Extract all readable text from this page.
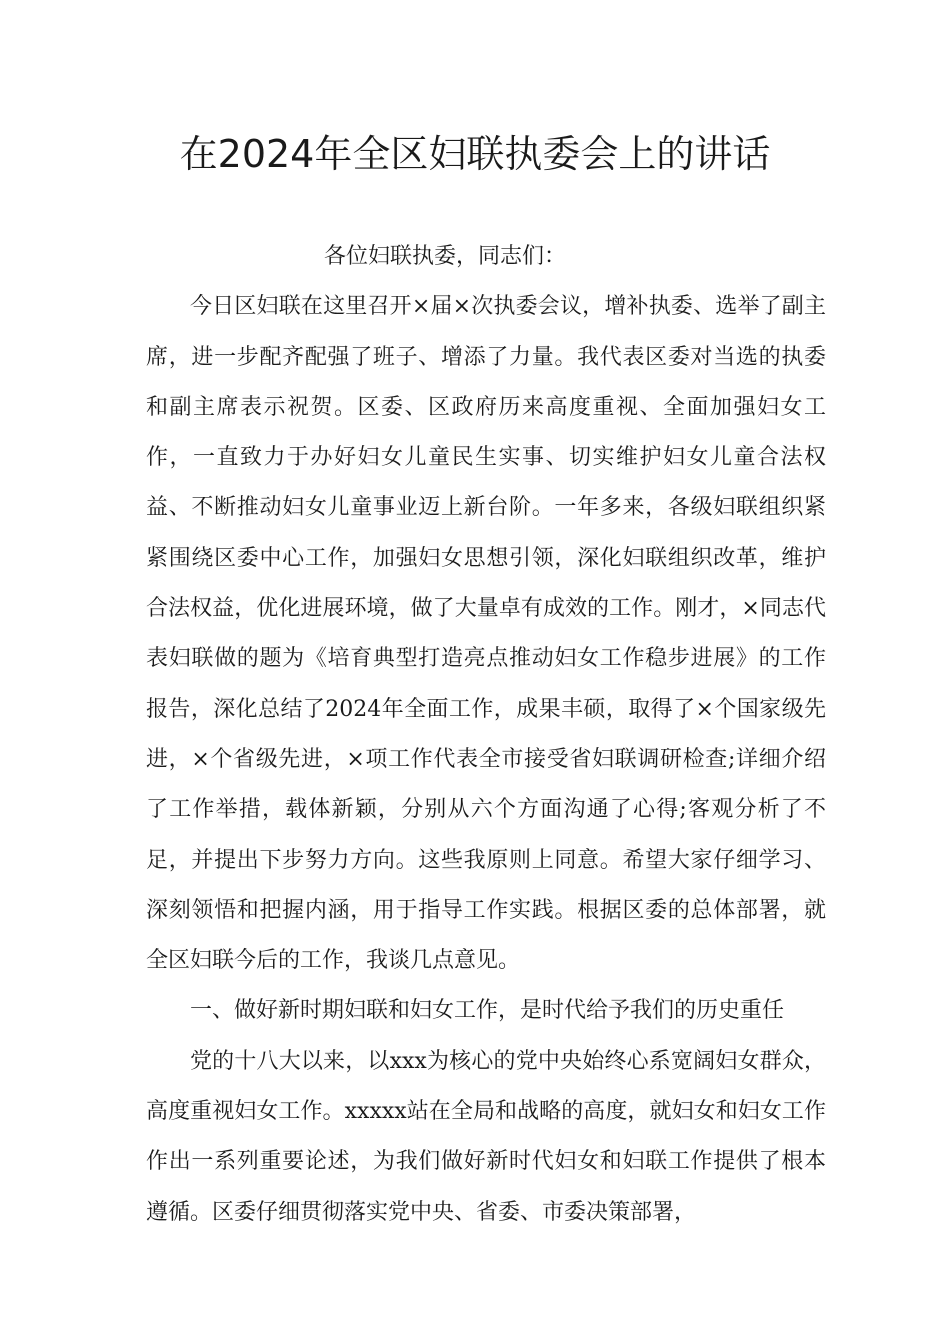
在2024年全区妇联执委会上的讲话

各位妇联执委，同志们：

今日区妇联在这里召开×届×次执委会议，增补执委、选举了副主席，进一步配齐配强了班子、增添了力量。我代表区委对当选的执委和副主席表示祝贺。区委、区政府历来高度重视、全面加强妇女工作，一直致力于办好妇女儿童民生实事、切实维护妇女儿童合法权益、不断推动妇女儿童事业迈上新台阶。一年多来，各级妇联组织紧紧围绕区委中心工作，加强妇女思想引领，深化妇联组织改革，维护合法权益，优化进展环境，做了大量卓有成效的工作。刚才，×同志代表妇联做的题为《培育典型打造亮点推动妇女工作稳步进展》的工作报告，深化总结了2024年全面工作，成果丰硕，取得了×个国家级先进，×个省级先进，×项工作代表全市接受省妇联调研检查;详细介绍了工作举措，载体新颖，分别从六个方面沟通了心得;客观分析了不足，并提出下步努力方向。这些我原则上同意。希望大家仔细学习、深刻领悟和把握内涵，用于指导工作实践。根据区委的总体部署，就全区妇联今后的工作，我谈几点意见。

一、做好新时期妇联和妇女工作，是时代给予我们的历史重任

党的十八大以来，以xxx为核心的党中央始终心系宽阔妇女群众，高度重视妇女工作。xxxxx站在全局和战略的高度，就妇女和妇女工作作出一系列重要论述，为我们做好新时代妇女和妇联工作提供了根本遵循。区委仔细贯彻落实党中央、省委、市委决策部署，
